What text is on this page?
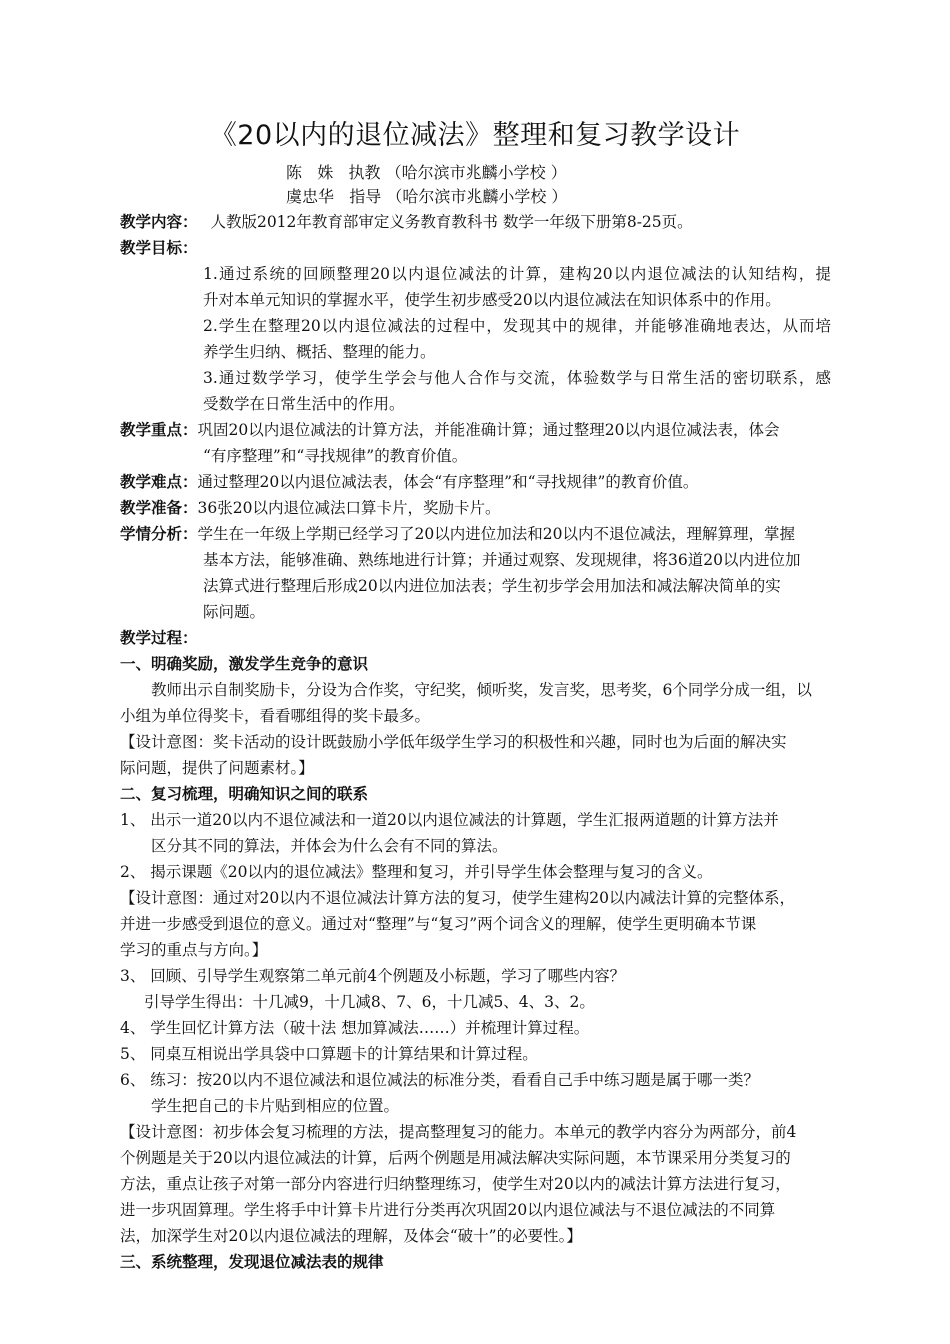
《20以内的退位减法》整理和复习教学设计
陈   姝   执教 （哈尔滨市兆麟小学校 ）
虞忠华   指导 （哈尔滨市兆麟小学校 ）
教学内容： 人教版2012年教育部审定义务教育教科书 数学一年级下册第8-25页。
教学目标：
1.通过系统的回顾整理20以内退位减法的计算，建构20以内退位减法的认知结构，提
升对本单元知识的掌握水平，使学生初步感受20以内退位减法在知识体系中的作用。
2.学生在整理20以内退位减法的过程中，发现其中的规律，并能够准确地表达，从而培
养学生归纳、概括、整理的能力。
3.通过数学学习，使学生学会与他人合作与交流，体验数学与日常生活的密切联系，感
受数学在日常生活中的作用。
教学重点：巩固20以内退位减法的计算方法，并能准确计算；通过整理20以内退位减法表，体会
“有序整理”和“寻找规律”的教育价值。
教学难点：通过整理20以内退位减法表，体会“有序整理”和“寻找规律”的教育价值。
教学准备：36张20以内退位减法口算卡片，奖励卡片。
学情分析：学生在一年级上学期已经学习了20以内进位加法和20以内不退位减法，理解算理，掌握
基本方法，能够准确、熟练地进行计算；并通过观察、发现规律，将36道20以内进位加
法算式进行整理后形成20以内进位加法表；学生初步学会用加法和减法解决简单的实
际问题。
教学过程：
一、明确奖励，激发学生竞争的意识
教师出示自制奖励卡，分设为合作奖，守纪奖，倾听奖，发言奖，思考奖，6个同学分成一组，以
小组为单位得奖卡，看看哪组得的奖卡最多。
【设计意图：奖卡活动的设计既鼓励小学低年级学生学习的积极性和兴趣，同时也为后面的解决实
际问题，提供了问题素材。】
二、复习梳理，明确知识之间的联系
1、 出示一道20以内不退位减法和一道20以内退位减法的计算题，学生汇报两道题的计算方法并
区分其不同的算法，并体会为什么会有不同的算法。
2、 揭示课题《20以内的退位减法》整理和复习，并引导学生体会整理与复习的含义。
【设计意图：通过对20以内不退位减法计算方法的复习，使学生建构20以内减法计算的完整体系，
并进一步感受到退位的意义。通过对“整理”与“复习”两个词含义的理解，使学生更明确本节课
学习的重点与方向。】
3、 回顾、引导学生观察第二单元前4个例题及小标题，学习了哪些内容？
引导学生得出：十几减9，十几减8、7、6，十几减5、4、3、2。
4、 学生回忆计算方法（破十法 想加算减法……）并梳理计算过程。
5、 同桌互相说出学具袋中口算题卡的计算结果和计算过程。
6、 练习：按20以内不退位减法和退位减法的标准分类，看看自己手中练习题是属于哪一类？
学生把自己的卡片贴到相应的位置。
【设计意图：初步体会复习梳理的方法，提高整理复习的能力。本单元的教学内容分为两部分，前4
个例题是关于20以内退位减法的计算，后两个例题是用减法解决实际问题，本节课采用分类复习的
方法，重点让孩子对第一部分内容进行归纳整理练习，使学生对20以内的减法计算方法进行复习，
进一步巩固算理。学生将手中计算卡片进行分类再次巩固20以内退位减法与不退位减法的不同算
法，加深学生对20以内退位减法的理解，及体会“破十”的必要性。】
三、系统整理，发现退位减法表的规律
